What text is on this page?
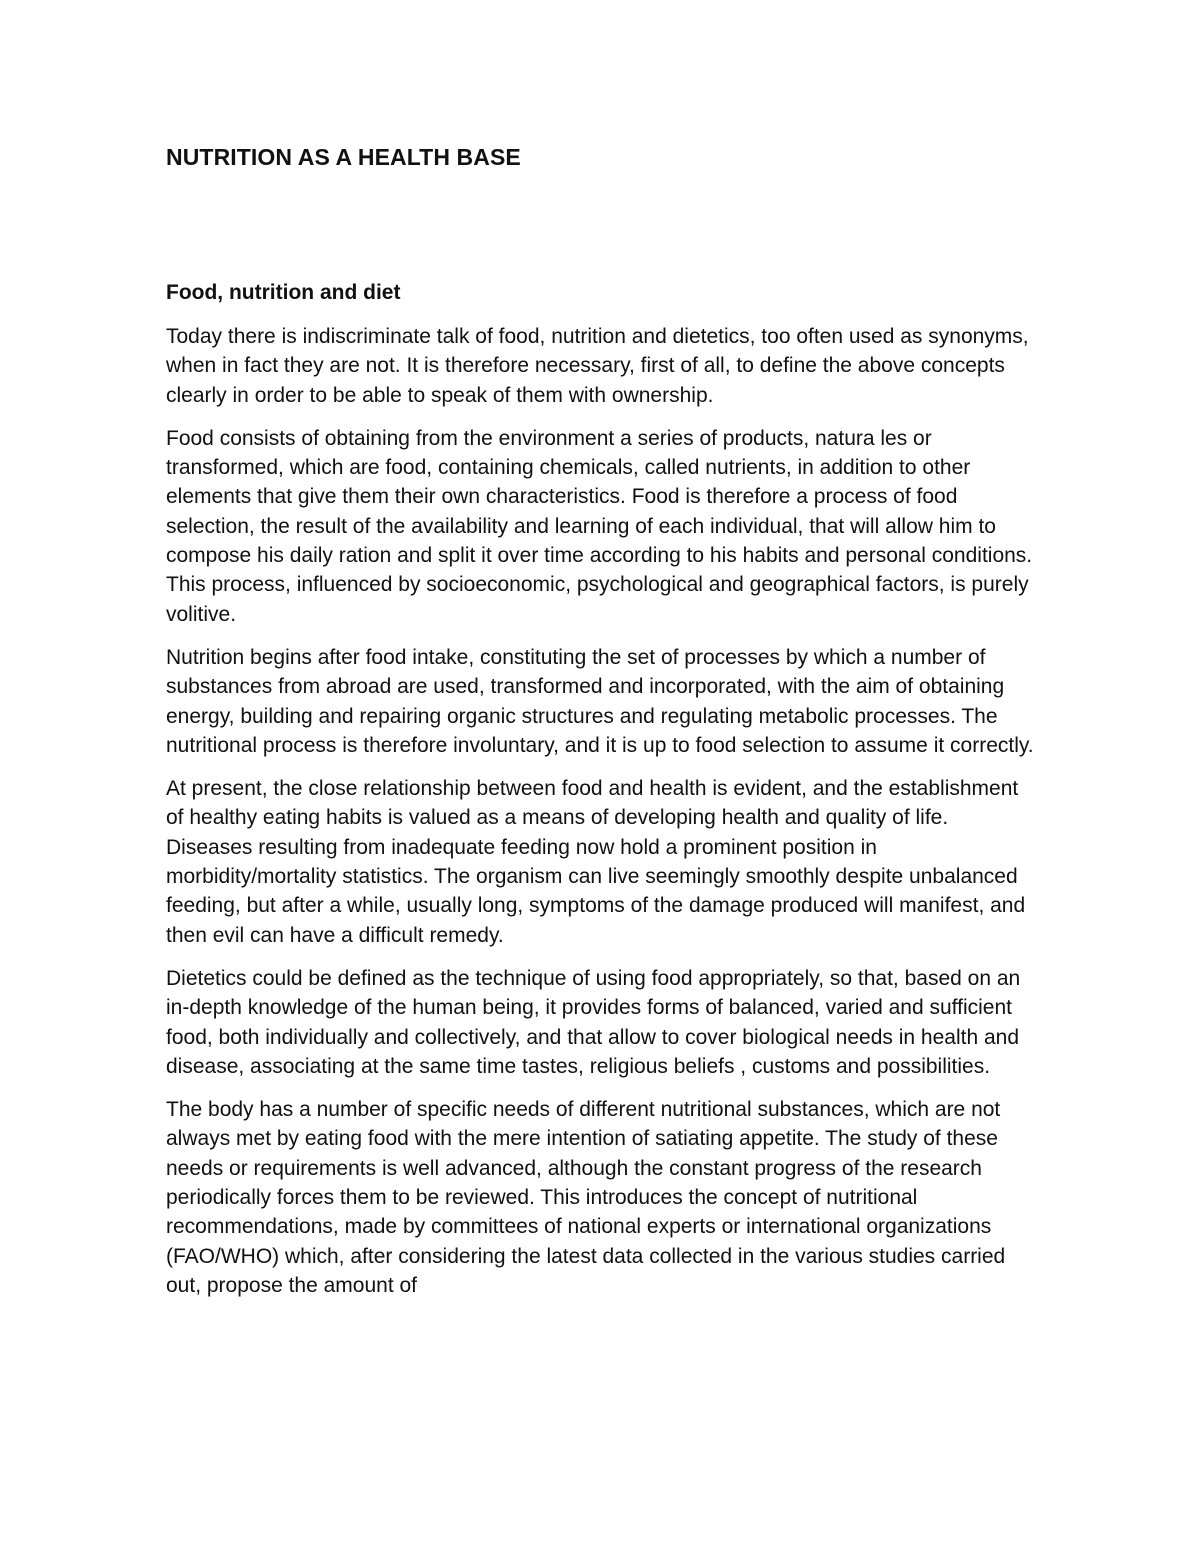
NUTRITION AS A HEALTH BASE
Food, nutrition and diet

Today there is indiscriminate talk of food, nutrition and dietetics, too often used as synonyms, when in fact they are not. It is therefore necessary, first of all, to define the above concepts clearly in order to be able to speak of them with ownership.

Food consists of obtaining from the environment a series of products, natura les or transformed, which are food, containing chemicals, called nutrients, in addition to other elements that give them their own characteristics. Food is therefore a process of food selection, the result of the availability and learning of each individual, that will allow him to compose his daily ration and split it over time according to his habits and personal conditions. This process, influenced by socioeconomic, psychological and geographical factors, is purely volitive.

Nutrition begins after food intake, constituting the set of processes by which a number of substances from abroad are used, transformed and incorporated, with the aim of obtaining energy, building and repairing organic structures and regulating metabolic processes. The nutritional process is therefore involuntary, and it is up to food selection to assume it correctly.

At present, the close relationship between food and health is evident, and the establishment of healthy eating habits is valued as a means of developing health and quality of life. Diseases resulting from inadequate feeding now hold a prominent position in morbidity/mortality statistics. The organism can live seemingly smoothly despite unbalanced feeding, but after a while, usually long, symptoms of the damage produced will manifest, and then evil can have a difficult remedy.

Dietetics could be defined as the technique of using food appropriately, so that, based on an in-depth knowledge of the human being, it provides forms of balanced, varied and sufficient food, both individually and collectively, and that allow to cover biological needs in health and disease, associating at the same time tastes, religious beliefs , customs and possibilities.

The body has a number of specific needs of different nutritional substances, which are not always met by eating food with the mere intention of satiating appetite. The study of these needs or requirements is well advanced, although the constant progress of the research periodically forces them to be reviewed. This introduces the concept of nutritional recommendations, made by committees of national experts or international organizations (FAO/WHO) which, after considering the latest data collected in the various studies carried out, propose the amount of
